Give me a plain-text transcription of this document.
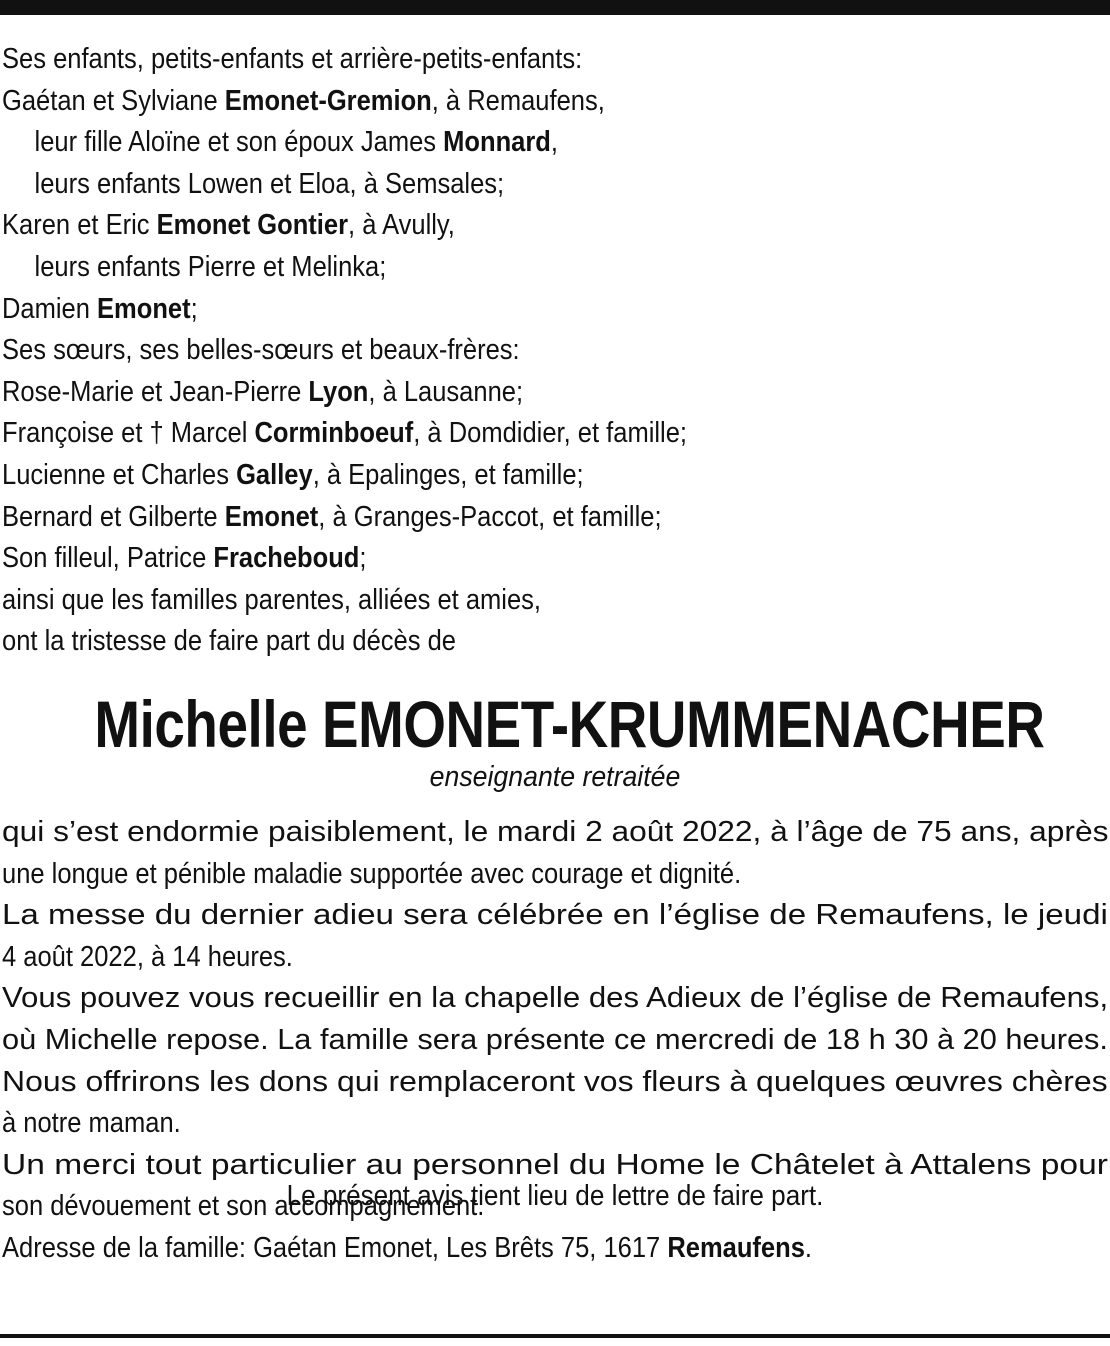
Ses enfants, petits-enfants et arrière-petits-enfants:
Gaétan et Sylviane Emonet-Gremion, à Remaufens,
leur fille Aloïne et son époux James Monnard,
leurs enfants Lowen et Eloa, à Semsales;
Karen et Eric Emonet Gontier, à Avully,
leurs enfants Pierre et Melinka;
Damien Emonet;
Ses sœurs, ses belles-sœurs et beaux-frères:
Rose-Marie et Jean-Pierre Lyon, à Lausanne;
Françoise et † Marcel Corminboeuf, à Domdidier, et famille;
Lucienne et Charles Galley, à Epalinges, et famille;
Bernard et Gilberte Emonet, à Granges-Paccot, et famille;
Son filleul, Patrice Fracheboud;
ainsi que les familles parentes, alliées et amies,
ont la tristesse de faire part du décès de
Michelle EMONET-KRUMMENACHER
enseignante retraitée
qui s’est endormie paisiblement, le mardi 2 août 2022, à l’âge de 75 ans, après
une longue et pénible maladie supportée avec courage et dignité.
La messe du dernier adieu sera célébrée en l’église de Remaufens, le jeudi
4 août 2022, à 14 heures.
Vous pouvez vous recueillir en la chapelle des Adieux de l’église de Remaufens,
où Michelle repose. La famille sera présente ce mercredi de 18 h 30 à 20 heures.
Nous offrirons les dons qui remplaceront vos fleurs à quelques œuvres chères
à notre maman.
Un merci tout particulier au personnel du Home le Châtelet à Attalens pour
son dévouement et son accompagnement.
Adresse de la famille: Gaétan Emonet, Les Brêts 75, 1617 Remaufens.
Le présent avis tient lieu de lettre de faire part.
